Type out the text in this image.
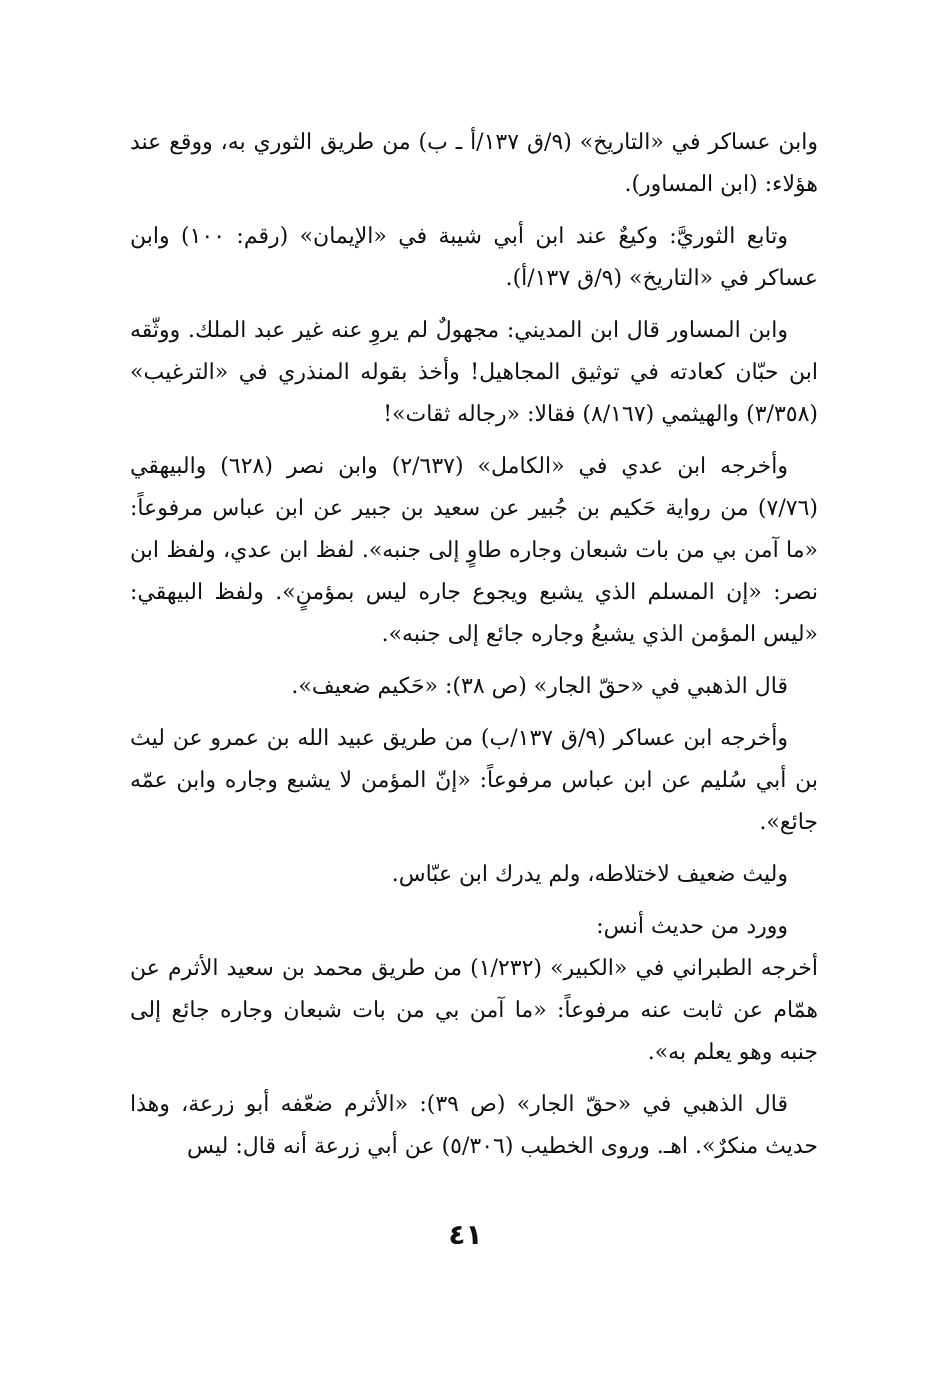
وابن عساكر في «التاريخ» (٩/ق ١٣٧/أ ـ ب) من طريق الثوري به، ووقع عند هؤلاء: (ابن المساور).

وتابع الثوريَّ: وكيعٌ عند ابن أبي شيبة في «الإيمان» (رقم: ١٠٠) وابن عساكر في «التاريخ» (٩/ق ١٣٧/أ).

وابن المساور قال ابن المديني: مجهولٌ لم يروِ عنه غير عبد الملك. ووثّقه ابن حبّان كعادته في توثيق المجاهيل! وأخذ بقوله المنذري في «الترغيب» (٣/٣٥٨) والهيثمي (٨/١٦٧) فقالا: «رجاله ثقات»!

وأخرجه ابن عدي في «الكامل» (٢/٦٣٧) وابن نصر (٦٢٨) والبيهقي (٧/٧٦) من رواية حَكيم بن جُبير عن سعيد بن جبير عن ابن عباس مرفوعاً: «ما آمن بي من بات شبعان وجاره طاوٍ إلى جنبه». لفظ ابن عدي، ولفظ ابن نصر: «إن المسلم الذي يشبع ويجوع جاره ليس بمؤمنٍ». ولفظ البيهقي: «ليس المؤمن الذي يشبعُ وجاره جائع إلى جنبه».

قال الذهبي في «حقّ الجار» (ص ٣٨): «حَكيم ضعيف».

وأخرجه ابن عساكر (٩/ق ١٣٧/ب) من طريق عبيد الله بن عمرو عن ليث بن أبي سُليم عن ابن عباس مرفوعاً: «إنّ المؤمن لا يشبع وجاره وابن عمّه جائع».

وليث ضعيف لاختلاطه، ولم يدرك ابن عبّاس.

وورد من حديث أنس:

أخرجه الطبراني في «الكبير» (١/٢٣٢) من طريق محمد بن سعيد الأثرم عن همّام عن ثابت عنه مرفوعاً: «ما آمن بي من بات شبعان وجاره جائع إلى جنبه وهو يعلم به».

قال الذهبي في «حقّ الجار» (ص ٣٩): «الأثرم ضعّفه أبو زرعة، وهذا حديث منكرٌ». اهـ. وروى الخطيب (٥/٣٠٦) عن أبي زرعة أنه قال: ليس

٤١
